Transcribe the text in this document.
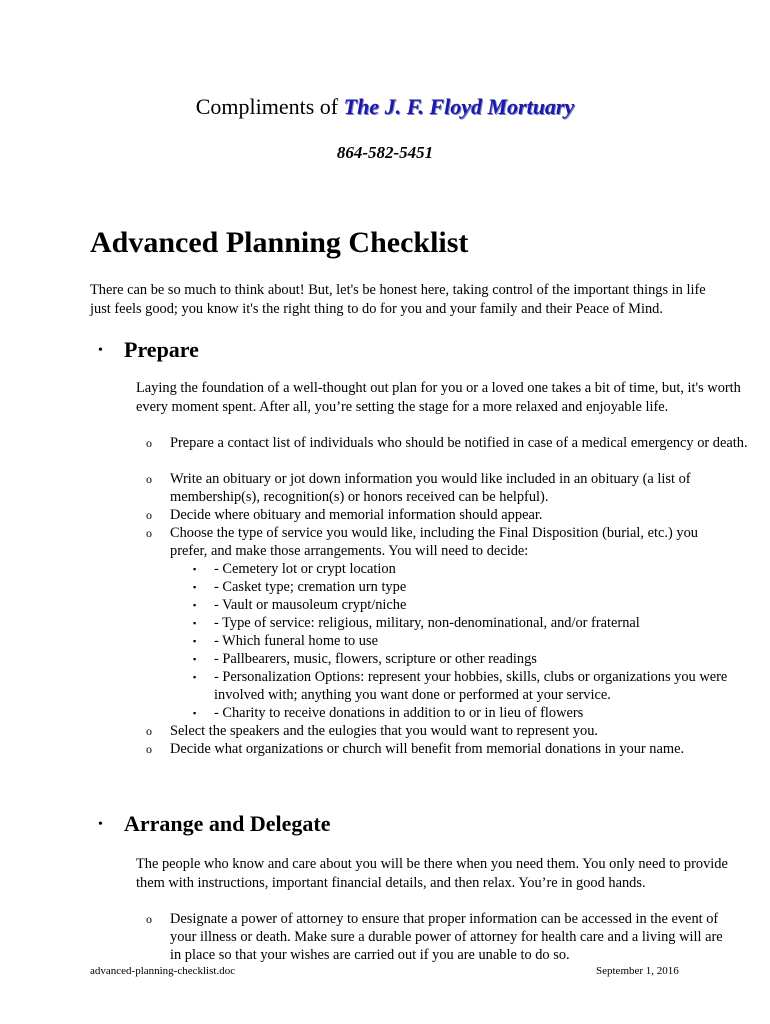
Compliments of The J. F. Floyd Mortuary
864-582-5451
Advanced Planning Checklist
There can be so much to think about! But, let's be honest here, taking control of the important things in life just feels good; you know it's the right thing to do for you and your family and their Peace of Mind.
• Prepare
Laying the foundation of a well-thought out plan for you or a loved one takes a bit of time, but, it's worth every moment spent. After all, you’re setting the stage for a more relaxed and enjoyable life.
o Prepare a contact list of individuals who should be notified in case of a medical emergency or death.
o Write an obituary or jot down information you would like included in an obituary (a list of membership(s), recognition(s) or honors received can be helpful).
o Decide where obituary and memorial information should appear.
o Choose the type of service you would like, including the Final Disposition (burial, etc.) you prefer, and make those arrangements. You will need to decide:
▪ - Cemetery lot or crypt location
▪ - Casket type; cremation urn type
▪ - Vault or mausoleum crypt/niche
▪ - Type of service: religious, military, non-denominational, and/or fraternal
▪ - Which funeral home to use
▪ - Pallbearers, music, flowers, scripture or other readings
▪ - Personalization Options: represent your hobbies, skills, clubs or organizations you were involved with; anything you want done or performed at your service.
▪ - Charity to receive donations in addition to or in lieu of flowers
o Select the speakers and the eulogies that you would want to represent you.
o Decide what organizations or church will benefit from memorial donations in your name.
• Arrange and Delegate
The people who know and care about you will be there when you need them. You only need to provide them with instructions, important financial details, and then relax. You’re in good hands.
o Designate a power of attorney to ensure that proper information can be accessed in the event of your illness or death. Make sure a durable power of attorney for health care and a living will are in place so that your wishes are carried out if you are unable to do so.
advanced-planning-checklist.doc	September 1, 2016
